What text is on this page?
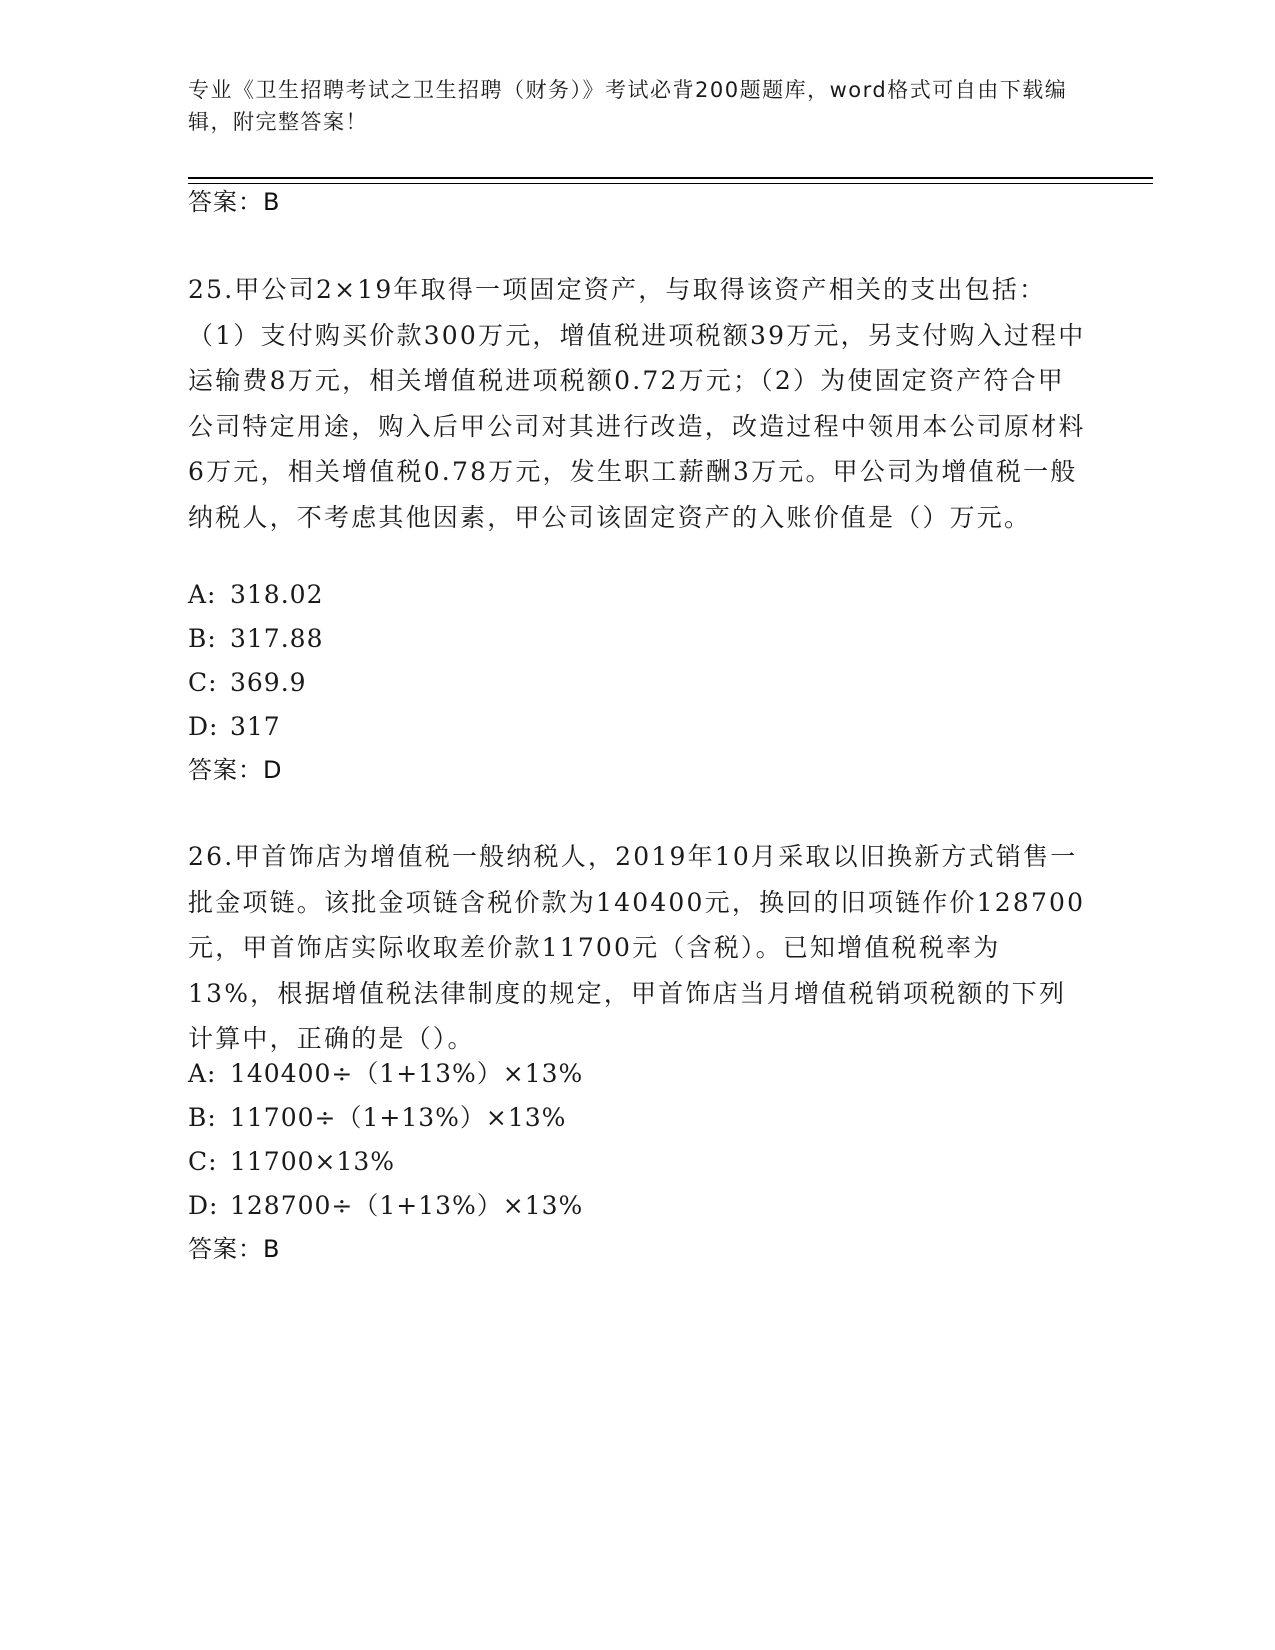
专业《卫生招聘考试之卫生招聘（财务）》考试必背200题题库，word格式可自由下载编辑，附完整答案！
答案：B
25.甲公司2×19年取得一项固定资产，与取得该资产相关的支出包括：（1）支付购买价款300万元，增值税进项税额39万元，另支付购入过程中运输费8万元，相关增值税进项税额0.72万元；（2）为使固定资产符合甲公司特定用途，购入后甲公司对其进行改造，改造过程中领用本公司原材料6万元，相关增值税0.78万元，发生职工薪酬3万元。甲公司为增值税一般纳税人，不考虑其他因素，甲公司该固定资产的入账价值是（）万元。
A: 318.02
B: 317.88
C: 369.9
D: 317
答案：D
26.甲首饰店为增值税一般纳税人，2019年10月采取以旧换新方式销售一批金项链。该批金项链含税价款为140400元，换回的旧项链作价128700元，甲首饰店实际收取差价款11700元（含税）。已知增值税税率为13%，根据增值税法律制度的规定，甲首饰店当月增值税销项税额的下列计算中，正确的是（）。
A: 140400÷（1+13%）×13%
B: 11700÷（1+13%）×13%
C: 11700×13%
D: 128700÷（1+13%）×13%
答案：B
